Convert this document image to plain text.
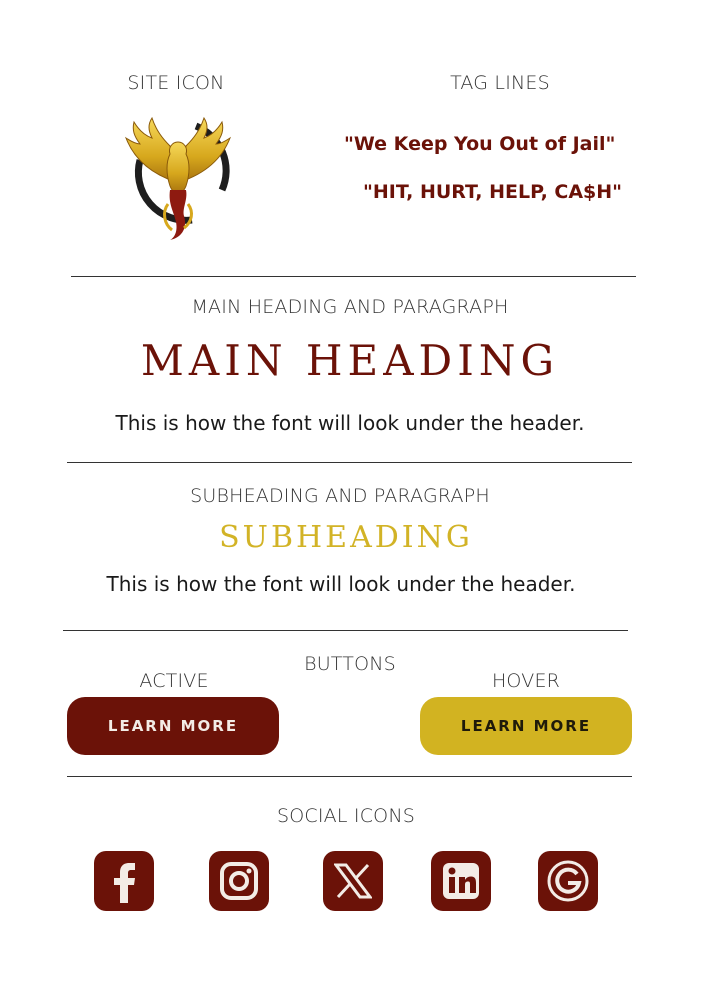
SITE ICON	TAG LINES
"We Keep You Out of Jail"
"HIT, HURT, HELP, CA$H"
MAIN HEADING AND PARAGRAPH
MAIN HEADING
This is how the font will look under the header.
SUBHEADING AND PARAGRAPH
SUBHEADING
This is how the font will look under the header.
BUTTONS
ACTIVE	HOVER
LEARN MORE	LEARN MORE
SOCIAL ICONS
